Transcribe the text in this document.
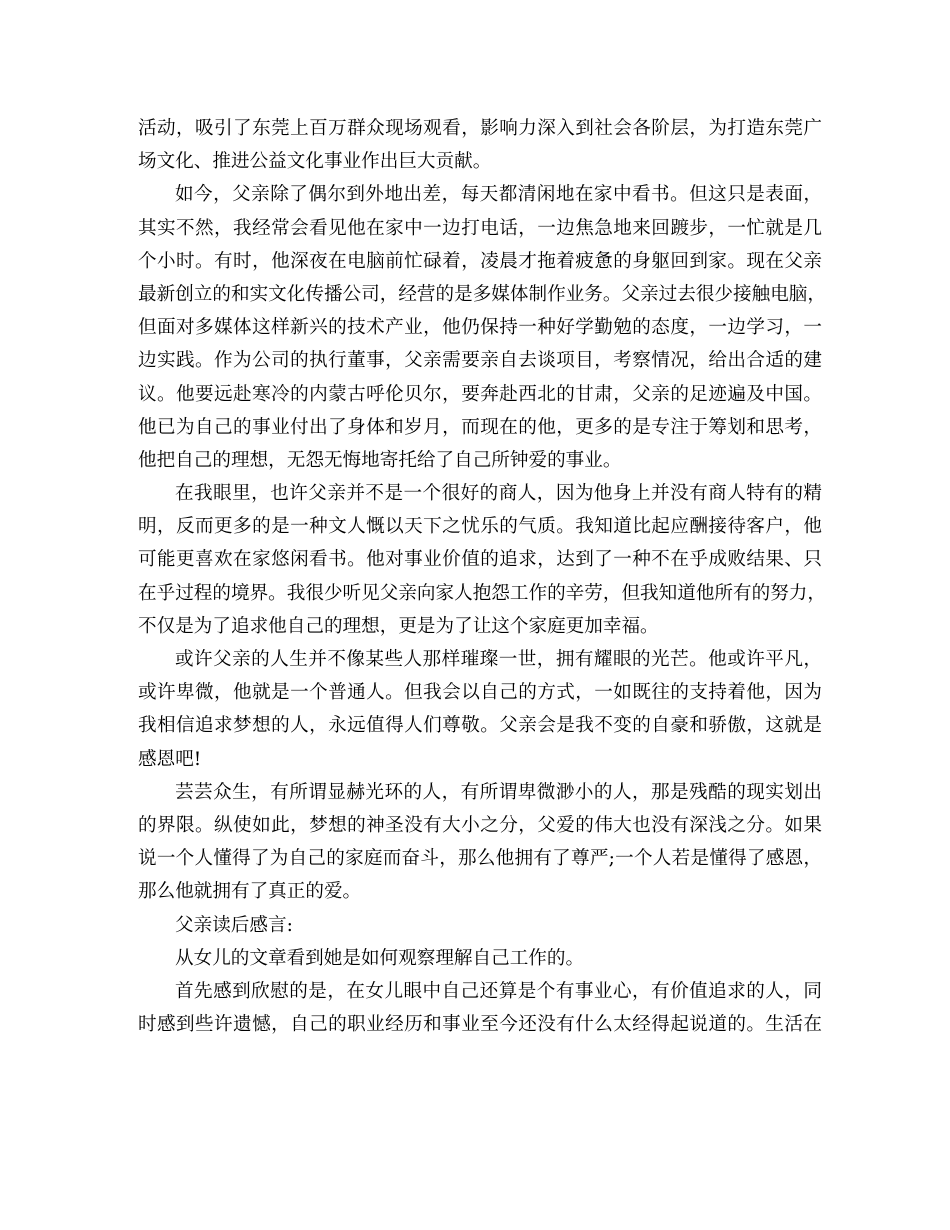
活动，吸引了东莞上百万群众现场观看，影响力深入到社会各阶层，为打造东莞广
场文化、推进公益文化事业作出巨大贡献。
如今，父亲除了偶尔到外地出差，每天都清闲地在家中看书。但这只是表面，
其实不然，我经常会看见他在家中一边打电话，一边焦急地来回踱步，一忙就是几
个小时。有时，他深夜在电脑前忙碌着，凌晨才拖着疲惫的身躯回到家。现在父亲
最新创立的和实文化传播公司，经营的是多媒体制作业务。父亲过去很少接触电脑，
但面对多媒体这样新兴的技术产业，他仍保持一种好学勤勉的态度，一边学习，一
边实践。作为公司的执行董事，父亲需要亲自去谈项目，考察情况，给出合适的建
议。他要远赴寒冷的内蒙古呼伦贝尔，要奔赴西北的甘肃，父亲的足迹遍及中国。
他已为自己的事业付出了身体和岁月，而现在的他，更多的是专注于筹划和思考，
他把自己的理想，无怨无悔地寄托给了自己所钟爱的事业。
在我眼里，也许父亲并不是一个很好的商人，因为他身上并没有商人特有的精
明，反而更多的是一种文人慨以天下之忧乐的气质。我知道比起应酬接待客户，他
可能更喜欢在家悠闲看书。他对事业价值的追求，达到了一种不在乎成败结果、只
在乎过程的境界。我很少听见父亲向家人抱怨工作的辛劳，但我知道他所有的努力，
不仅是为了追求他自己的理想，更是为了让这个家庭更加幸福。
或许父亲的人生并不像某些人那样璀璨一世，拥有耀眼的光芒。他或许平凡，
或许卑微，他就是一个普通人。但我会以自己的方式，一如既往的支持着他，因为
我相信追求梦想的人，永远值得人们尊敬。父亲会是我不变的自豪和骄傲，这就是
感恩吧!
芸芸众生，有所谓显赫光环的人，有所谓卑微渺小的人，那是残酷的现实划出
的界限。纵使如此，梦想的神圣没有大小之分，父爱的伟大也没有深浅之分。如果
说一个人懂得了为自己的家庭而奋斗，那么他拥有了尊严;一个人若是懂得了感恩，
那么他就拥有了真正的爱。
父亲读后感言:
从女儿的文章看到她是如何观察理解自己工作的。
首先感到欣慰的是，在女儿眼中自己还算是个有事业心，有价值追求的人，同
时感到些许遗憾，自己的职业经历和事业至今还没有什么太经得起说道的。生活在
